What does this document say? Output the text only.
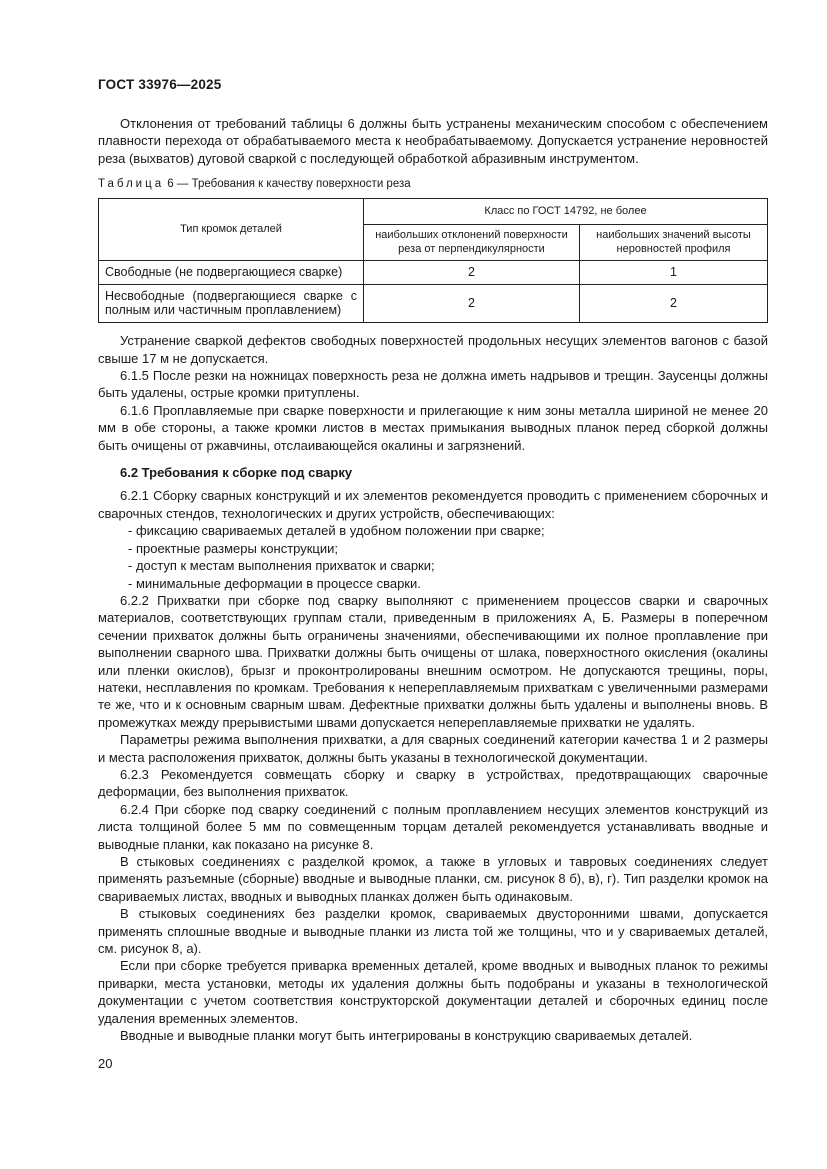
ГОСТ 33976—2025

Отклонения от требований таблицы 6 должны быть устранены механическим способом с обеспечением плавности перехода от обрабатываемого места к необрабатываемому. Допускается устранение неровностей реза (выхватов) дуговой сваркой с последующей обработкой абразивным инструментом.

Таблица 6 — Требования к качеству поверхности реза

Тип кромок деталей	Класс по ГОСТ 14792, не более	
	наибольших отклонений поверхности реза от перпендикулярности	наибольших значений высоты неровностей профиля
Свободные (не подвергающиеся сварке)	2	1
Несвободные (подвергающиеся сварке с полным или частичным проплавлением)	2	2

Устранение сваркой дефектов свободных поверхностей продольных несущих элементов вагонов с базой свыше 17 м не допускается.

6.1.5 После резки на ножницах поверхность реза не должна иметь надрывов и трещин. Заусенцы должны быть удалены, острые кромки притуплены.

6.1.6 Проплавляемые при сварке поверхности и прилегающие к ним зоны металла шириной не менее 20 мм в обе стороны, а также кромки листов в местах примыкания выводных планок перед сборкой должны быть очищены от ржавчины, отслаивающейся окалины и загрязнений.

6.2 Требования к сборке под сварку

6.2.1 Сборку сварных конструкций и их элементов рекомендуется проводить с применением сборочных и сварочных стендов, технологических и других устройств, обеспечивающих:

- фиксацию свариваемых деталей в удобном положении при сварке;

- проектные размеры конструкции;

- доступ к местам выполнения прихваток и сварки;

- минимальные деформации в процессе сварки.

6.2.2 Прихватки при сборке под сварку выполняют с применением процессов сварки и сварочных материалов, соответствующих группам стали, приведенным в приложениях А, Б. Размеры в поперечном сечении прихваток должны быть ограничены значениями, обеспечивающими их полное проплавление при выполнении сварного шва. Прихватки должны быть очищены от шлака, поверхностного окисления (окалины или пленки окислов), брызг и проконтролированы внешним осмотром. Не допускаются трещины, поры, натеки, несплавления по кромкам. Требования к непереплавляемым прихваткам с увеличенными размерами те же, что и к основным сварным швам. Дефектные прихватки должны быть удалены и выполнены вновь. В промежутках между прерывистыми швами допускается непереплавляемые прихватки не удалять.

Параметры режима выполнения прихватки, а для сварных соединений категории качества 1 и 2 размеры и места расположения прихваток, должны быть указаны в технологической документации.

6.2.3 Рекомендуется совмещать сборку и сварку в устройствах, предотвращающих сварочные деформации, без выполнения прихваток.

6.2.4 При сборке под сварку соединений с полным проплавлением несущих элементов конструкций из листа толщиной более 5 мм по совмещенным торцам деталей рекомендуется устанавливать вводные и выводные планки, как показано на рисунке 8.

В стыковых соединениях с разделкой кромок, а также в угловых и тавровых соединениях следует применять разъемные (сборные) вводные и выводные планки, см. рисунок 8 б), в), г). Тип разделки кромок на свариваемых листах, вводных и выводных планках должен быть одинаковым.

В стыковых соединениях без разделки кромок, свариваемых двусторонними швами, допускается применять сплошные вводные и выводные планки из листа той же толщины, что и у свариваемых деталей, см. рисунок 8, а).

Если при сборке требуется приварка временных деталей, кроме вводных и выводных планок то режимы приварки, места установки, методы их удаления должны быть подобраны и указаны в технологической документации с учетом соответствия конструкторской документации деталей и сборочных единиц после удаления временных элементов.

Вводные и выводные планки могут быть интегрированы в конструкцию свариваемых деталей.

20
